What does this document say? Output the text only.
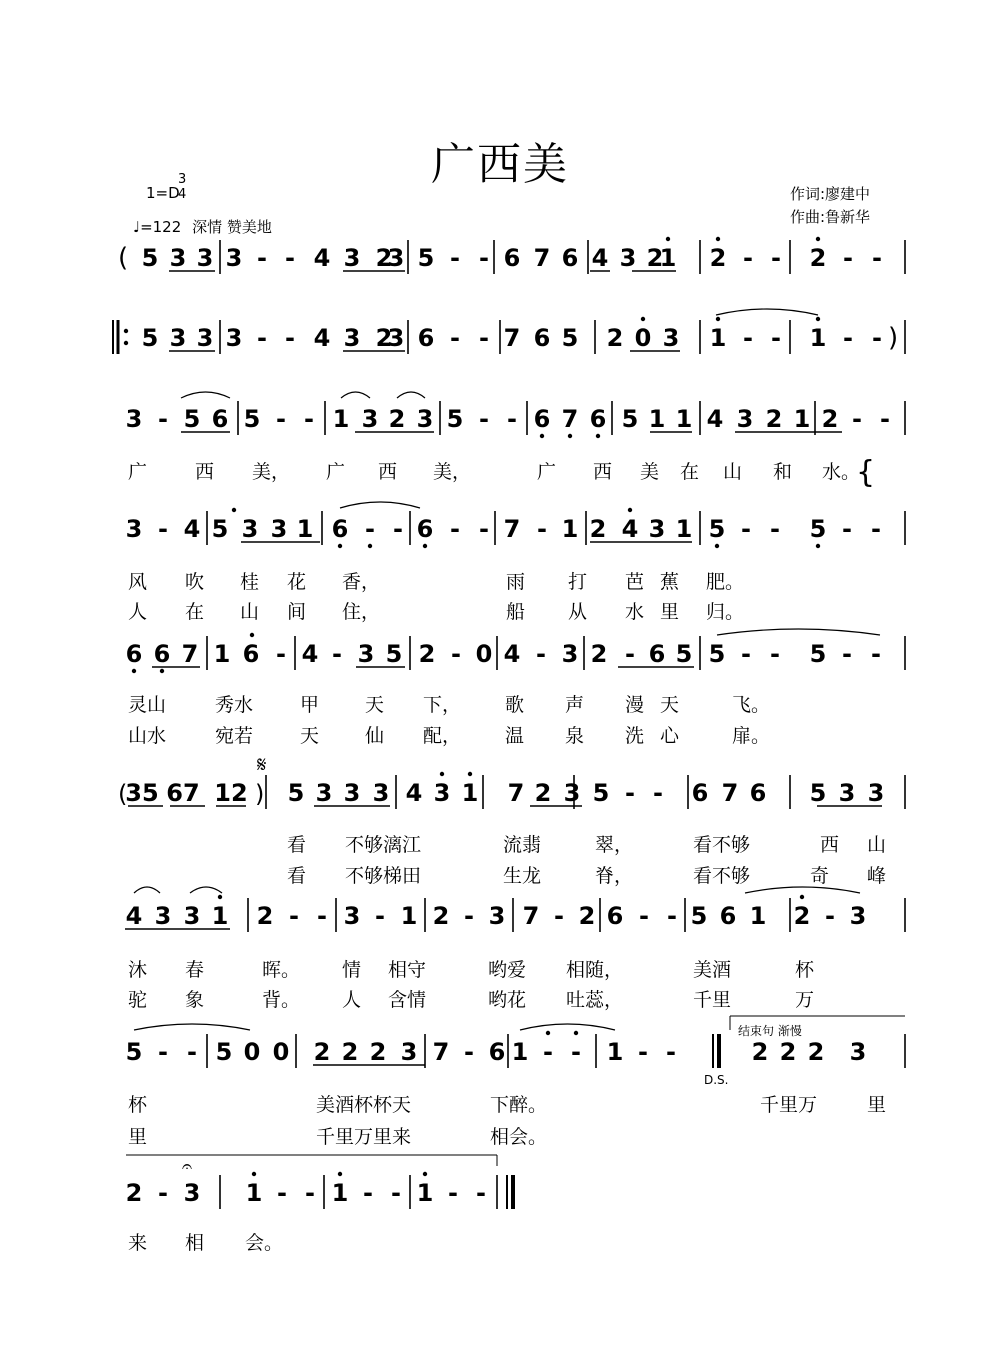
广西美
1=D
3
4
♩=122 深情 赞美地
作词:廖建中
作曲:鲁新华
D.S.
结束句 渐慢
广	西 美， 广 西 美，	广 西 美 在 山 和 水。
{
风 吹 桂 花 香，	雨 打 芭 蕉 肥。
人 在 山 间 住，	船 从 水 里 归。
灵山	秀水 甲 天 下， 歌 声 漫 天	飞。
山水	宛若 天 仙 配， 温 泉 洗 心	扉。
看 不够漓江	流翡	翠，	看不够	西 山
看 不够梯田	生龙	脊，	看不够	奇 峰
沐 春	晖。 情 相守	哟爱 相随，	美酒	杯
驼 象	背。 人 含情	哟花 吐蕊，	千里	万
杯	美酒杯杯天	下醉。	千里万	里
里	千里万里来	相会。
来 相 会。
5 3 3 3 - - 4 3 2
3 5 - - 6 7 6 4 3 2
1 2 - - 2 - -
5 3 3 3 - - 4 3 2
3 6 - - 7 6 5 2 0 3 1 - - 1 - -
3 - 5 6 5 - - 1 3 2 3 5 - - 6 7 6 5 1 1 4 3 2 1 2 - -
3 - 4 5 3 3 1 6 - - 6 - - 7 - 1 2 4 3 1 5 - - 5 - -
6 6 7 1 6 - 4 - 3 5 2 - 0 4 - 3 2 - 6 5 5 - - 5 - -
35 67 12 5 3 3 3 4 3 1 7 2 3 5 - - 6 7 6 5 3 3
4 3 3 1 2 - - 3 - 1 2 - 3 7 - 2 6 - - 5 6 1 2 - 3
5 - - 5 0 0 2 2 2 3 7 - 6 1 - - 1 - -	2 2 2 3
2 - 3 1 - - 1 - - 1 - -
(
)
(	)
𝄋
𝄐
